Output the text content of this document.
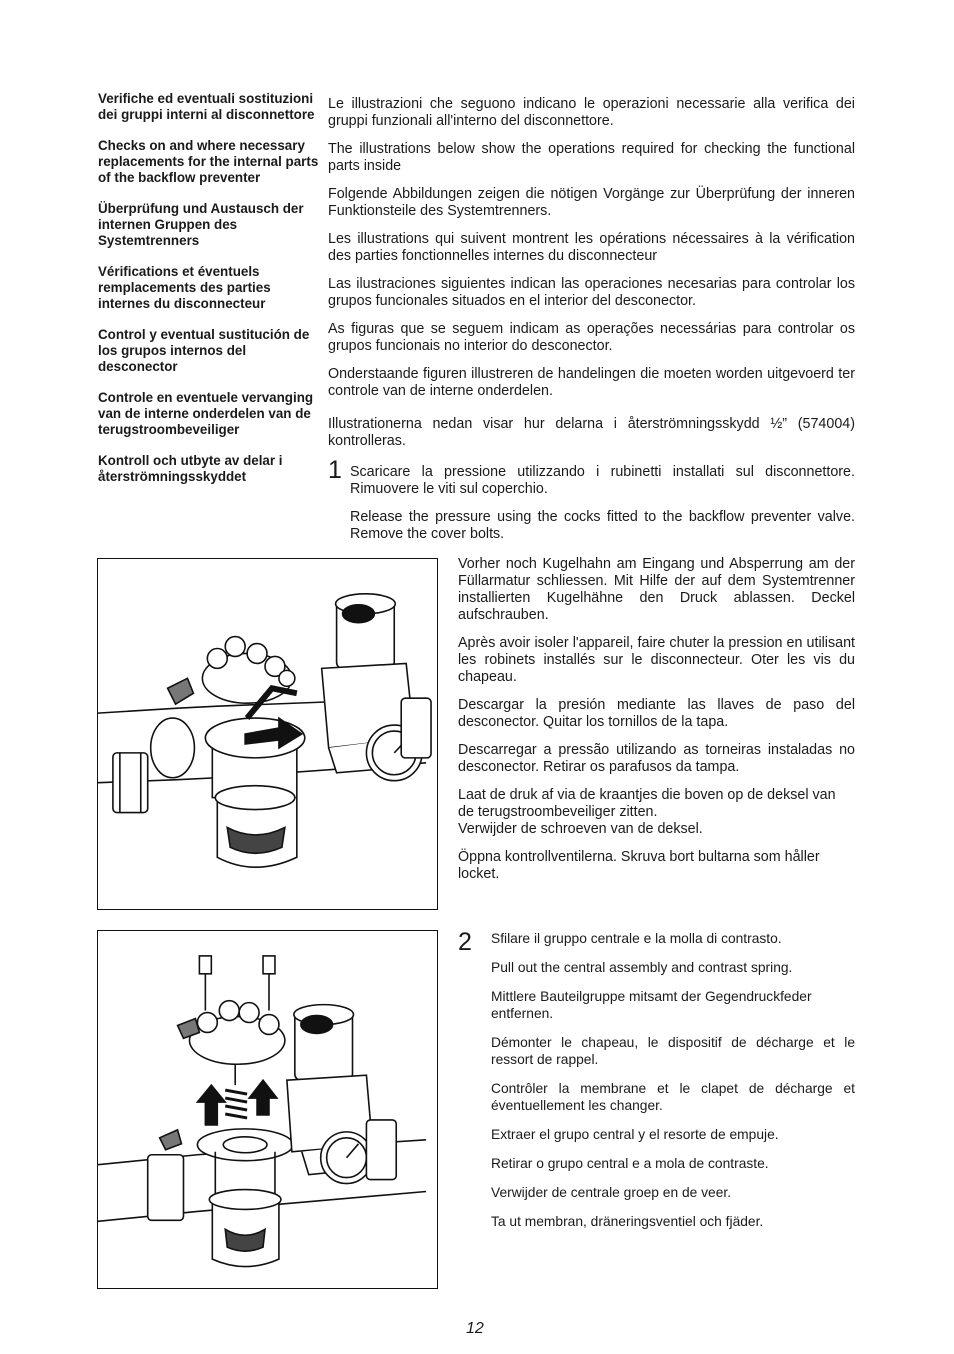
Verifiche ed eventuali sostituzioni dei gruppi interni al disconnettore
Checks on and where necessary replacements for the internal parts of the backflow preventer
Überprüfung und Austausch der internen Gruppen des Systemtrenners
Vérifications et éventuels remplacements des parties internes du disconnecteur
Control y eventual sustitución de los grupos internos del desconector
Controle en eventuele vervanging van de interne onderdelen van de terugstroombeveiliger
Kontroll och utbyte av delar i återströmningsskyddet

Le illustrazioni che seguono indicano le operazioni necessarie alla verifica dei gruppi funzionali all'interno del disconnettore.

The illustrations below show the operations required for checking the functional parts inside

Folgende Abbildungen zeigen die nötigen Vorgänge zur Überprüfung der inneren Funktionsteile des Systemtrenners.

Les illustrations qui suivent montrent les opérations nécessaires à la vérification des parties fonctionnelles internes du disconnecteur

Las ilustraciones siguientes indican las operaciones necesarias para controlar los grupos funcionales situados en el interior del desconector.

As figuras que se seguem indicam as operações necessárias para controlar os grupos funcionais no interior do desconector.

Onderstaande figuren illustreren de handelingen die moeten worden uitgevoerd ter controle van de interne onderdelen.

Illustrationerna nedan visar hur delarna i återströmningsskydd ½” (574004) kontrolleras.

1 Scaricare la pressione utilizzando i rubinetti installati sul disconnettore. Rimuovere le viti sul coperchio.

Release the pressure using the cocks fitted to the backflow preventer valve. Remove the cover bolts.

Vorher noch Kugelhahn am Eingang und Absperrung am der Füllarmatur schliessen. Mit Hilfe der auf dem Systemtrenner installierten Kugelhähne den Druck ablassen. Deckel aufschrauben.

Après avoir isoler l'appareil, faire chuter la pression en utilisant les robinets installés sur le disconnecteur. Oter les vis du chapeau.

Descargar la presión mediante las llaves de paso del desconector. Quitar los tornillos de la tapa.

Descarregar a pressão utilizando as torneiras instaladas no desconector. Retirar os parafusos da tampa.

Laat de druk af via de kraantjes die boven op de deksel van de terugstroombeveiliger zitten.
Verwijder de schroeven van de deksel.

Öppna kontrollventilerna. Skruva bort bultarna som håller locket.

2 Sfilare il gruppo centrale e la molla di contrasto.

Pull out the central assembly and contrast spring.

Mittlere Bauteilgruppe mitsamt der Gegendruckfeder entfernen.

Démonter le chapeau, le dispositif de décharge et le ressort de rappel.

Contrôler la membrane et le clapet de décharge et éventuellement les changer.

Extraer el grupo central y el resorte de empuje.

Retirar o grupo central e a mola de contraste.

Verwijder de centrale groep en de veer.

Ta ut membran, dräneringsventiel och fjäder.

12
